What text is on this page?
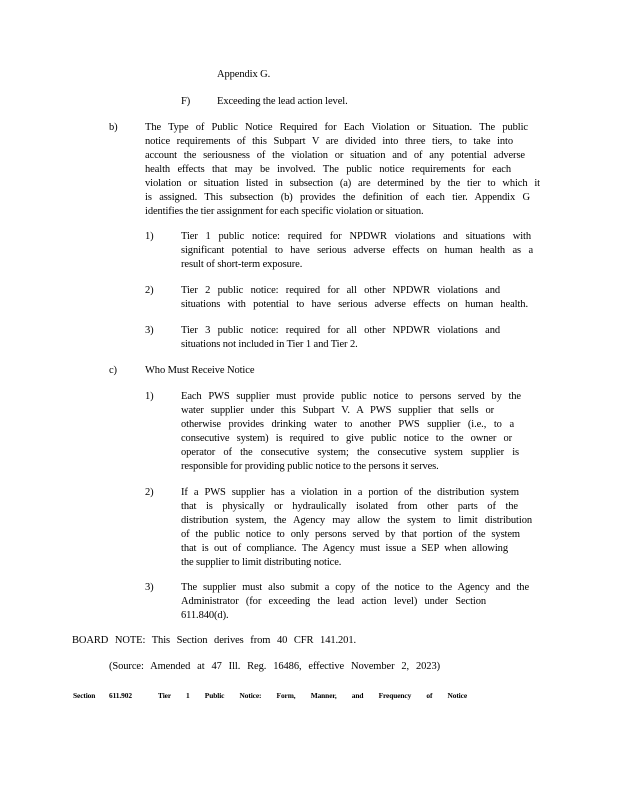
Appendix G.
F)	Exceeding the lead action level.
b)	The Type of Public Notice Required for Each Violation or Situation. The public
notice requirements of this Subpart V are divided into three tiers, to take into
account the seriousness of the violation or situation and of any potential adverse
health effects that may be involved. The public notice requirements for each
violation or situation listed in subsection (a) are determined by the tier to which it
is assigned. This subsection (b) provides the definition of each tier. Appendix G
identifies the tier assignment for each specific violation or situation.
1)	Tier 1 public notice: required for NPDWR violations and situations with
significant potential to have serious adverse effects on human health as a
result of short-term exposure.
2)	Tier 2 public notice: required for all other NPDWR violations and
situations with potential to have serious adverse effects on human health.
3)	Tier 3 public notice: required for all other NPDWR violations and
situations not included in Tier 1 and Tier 2.
c)	Who Must Receive Notice
1)	Each PWS supplier must provide public notice to persons served by the
water supplier under this Subpart V. A PWS supplier that sells or
otherwise provides drinking water to another PWS supplier (i.e., to a
consecutive system) is required to give public notice to the owner or
operator of the consecutive system; the consecutive system supplier is
responsible for providing public notice to the persons it serves.
2)	If a PWS supplier has a violation in a portion of the distribution system
that is physically or hydraulically isolated from other parts of the
distribution system, the Agency may allow the system to limit distribution
of the public notice to only persons served by that portion of the system
that is out of compliance. The Agency must issue a SEP when allowing
the supplier to limit distributing notice.
3)	The supplier must also submit a copy of the notice to the Agency and the
Administrator (for exceeding the lead action level) under Section
611.840(d).
BOARD NOTE: This Section derives from 40 CFR 141.201.
(Source: Amended at 47 Ill. Reg. 16486, effective November 2, 2023)
Section 611.902	Tier 1 Public Notice: Form, Manner, and Frequency of Notice
